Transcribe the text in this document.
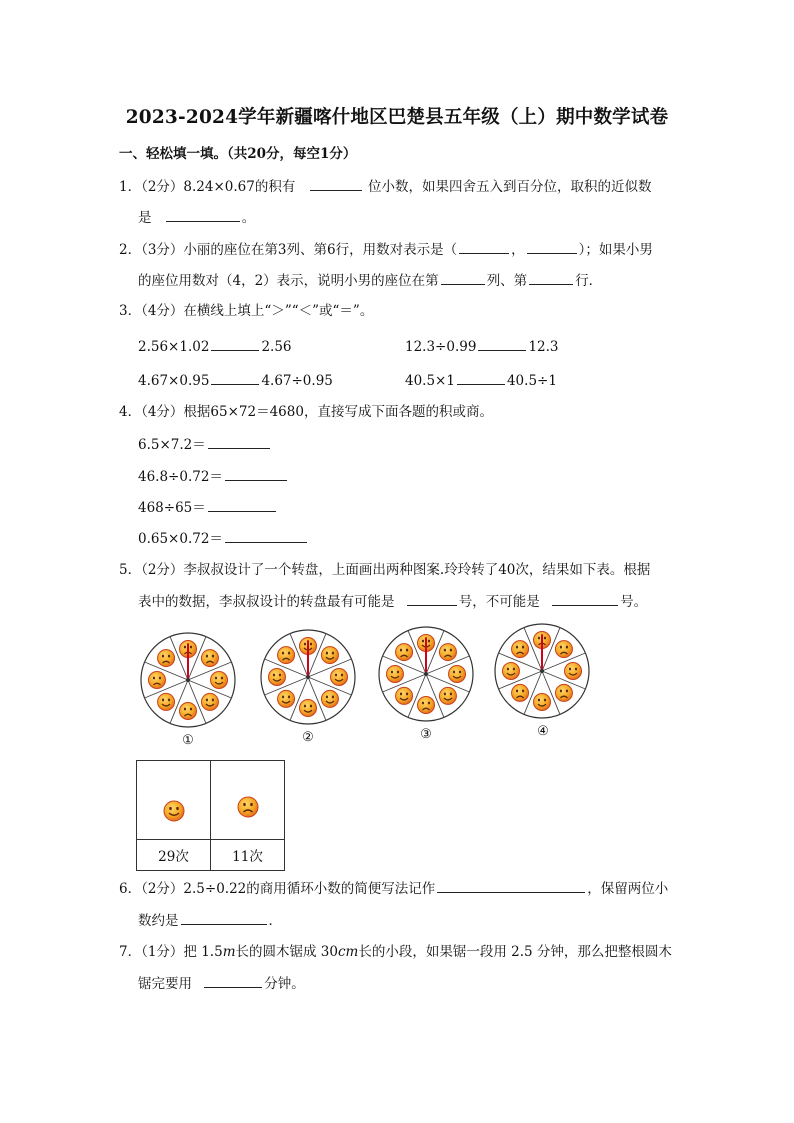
2023-2024学年新疆喀什地区巴楚县五年级（上）期中数学试卷
一、轻松填一填。（共20分，每空1分）
1．（2分）8.24×0.67的积有	位小数，如果四舍五入到百分位，取积的近似数
是	。
2．（3分）小丽的座位在第3列、第6行，用数对表示是（	，	）；如果小男
的座位用数对（4，2）表示，说明小男的座位在第	列、第	行．
3．（4分）在横线上填上“＞”“＜”或“＝”。
2.56×1.02	2.56	12.3÷0.99	12.3
4.67×0.95	4.67÷0.95	40.5×1	40.5÷1
4．（4分）根据65×72＝4680，直接写成下面各题的积或商。
6.5×7.2＝
46.8÷0.72＝
468÷65＝
0.65×0.72＝
5．（2分）李叔叔设计了一个转盘，上面画出两种图案.玲玲转了40次，结果如下表。根据
表中的数据，李叔叔设计的转盘最有可能是	号，不可能是	号。
①	②	③	④

29次	11次
6．（2分）2.5÷0.22的商用循环小数的简便写法记作	，保留两位小
数约是	．
7．（1分）把 1.5m长的圆木锯成 30cm长的小段，如果锯一段用 2.5 分钟，那么把整根圆木
锯完要用	分钟。
